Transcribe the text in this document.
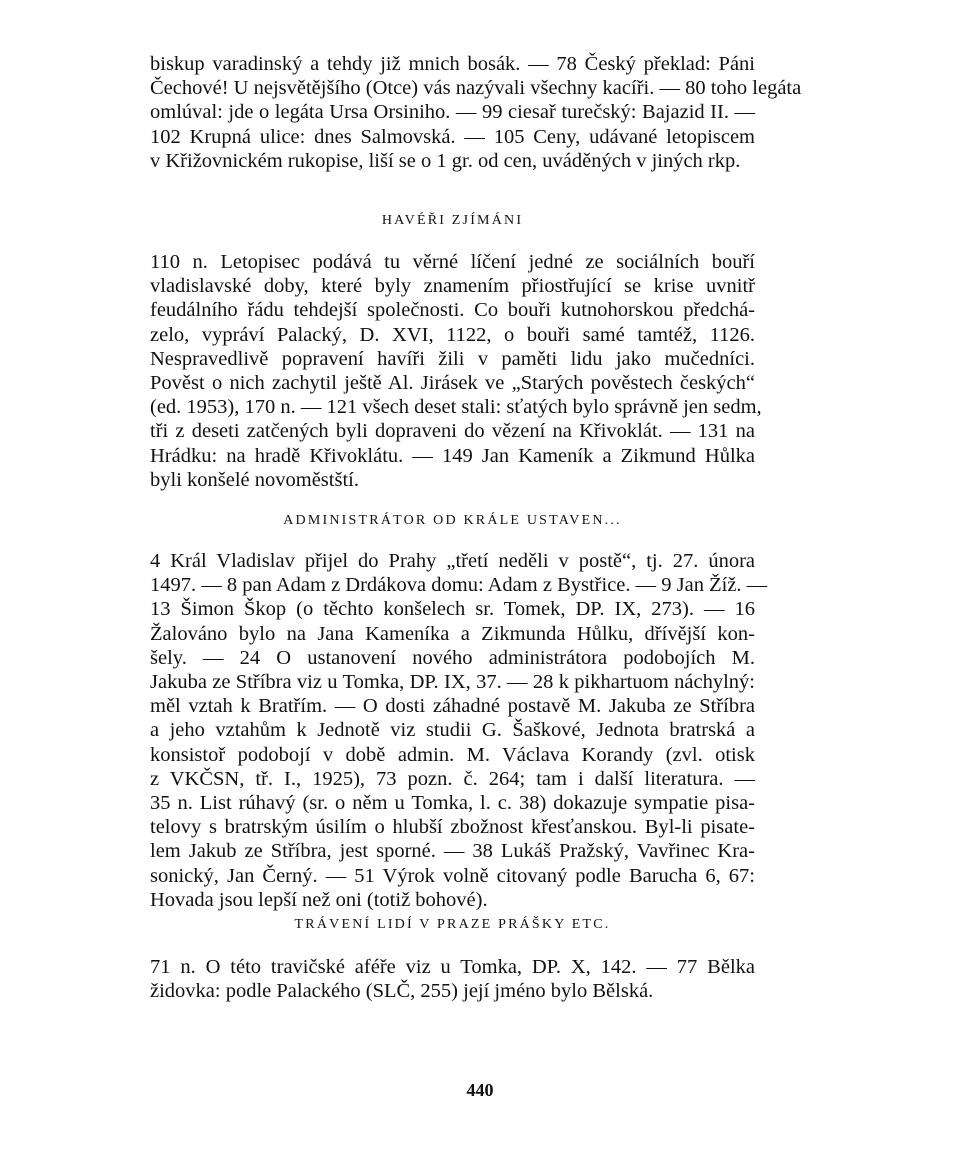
biskup varadinský a tehdy již mnich bosák. — 78 Český překlad: Páni
Čechové! U nejsvětějšího (Otce) vás nazývali všechny kacíři. — 80 toho legáta
omlúval: jde o legáta Ursa Orsiniho. — 99 ciesař turečský: Bajazid II. —
102 Krupná ulice: dnes Salmovská. — 105 Ceny, udávané letopiscem
v Křižovnickém rukopise, liší se o 1 gr. od cen, uváděných v jiných rkp.
HAVÉŘI ZJÍMÁNI
110 n. Letopisec podává tu věrné líčení jedné ze sociálních bouří
vladislavské doby, které byly znamením přiostřující se krise uvnitř
feudálního řádu tehdejší společnosti. Co bouři kutnohorskou předchá-
zelo, vypráví Palacký, D. XVI, 1122, o bouři samé tamtéž, 1126.
Nespravedlivě popravení havíři žili v paměti lidu jako mučedníci.
Pověst o nich zachytil ještě Al. Jirásek ve „Starých pověstech českých“
(ed. 1953), 170 n. — 121 všech deset stali: sťatých bylo správně jen sedm,
tři z deseti zatčených byli dopraveni do vězení na Křivoklát. — 131 na
Hrádku: na hradě Křivoklátu. — 149 Jan Kameník a Zikmund Hůlka
byli konšelé novoměstští.
ADMINISTRÁTOR OD KRÁLE USTAVEN...
4 Král Vladislav přijel do Prahy „třetí neděli v postě“, tj. 27. února
1497. — 8 pan Adam z Drdákova domu: Adam z Bystřice. — 9 Jan Žíž. —
13 Šimon Škop (o těchto konšelech sr. Tomek, DP. IX, 273). — 16
Žalováno bylo na Jana Kameníka a Zikmunda Hůlku, dřívější kon-
šely. — 24 O ustanovení nového administrátora podobojích M.
Jakuba ze Stříbra viz u Tomka, DP. IX, 37. — 28 k pikhartuom náchylný:
měl vztah k Bratřím. — O dosti záhadné postavě M. Jakuba ze Stříbra
a jeho vztahům k Jednotě viz studii G. Šaškové, Jednota bratrská a
konsistoř podobojí v době admin. M. Václava Korandy (zvl. otisk
z VKČSN, tř. I., 1925), 73 pozn. č. 264; tam i další literatura. —
35 n. List rúhavý (sr. o něm u Tomka, l. c. 38) dokazuje sympatie pisa-
telovy s bratrským úsilím o hlubší zbožnost křesťanskou. Byl-li pisate-
lem Jakub ze Stříbra, jest sporné. — 38 Lukáš Pražský, Vavřinec Kra-
sonický, Jan Černý. — 51 Výrok volně citovaný podle Barucha 6, 67:
Hovada jsou lepší než oni (totiž bohové).
TRÁVENÍ LIDÍ V PRAZE PRÁŠKY ETC.
71 n. O této travičské aféře viz u Tomka, DP. X, 142. — 77 Bělka
židovka: podle Palackého (SLČ, 255) její jméno bylo Bělská.
440
